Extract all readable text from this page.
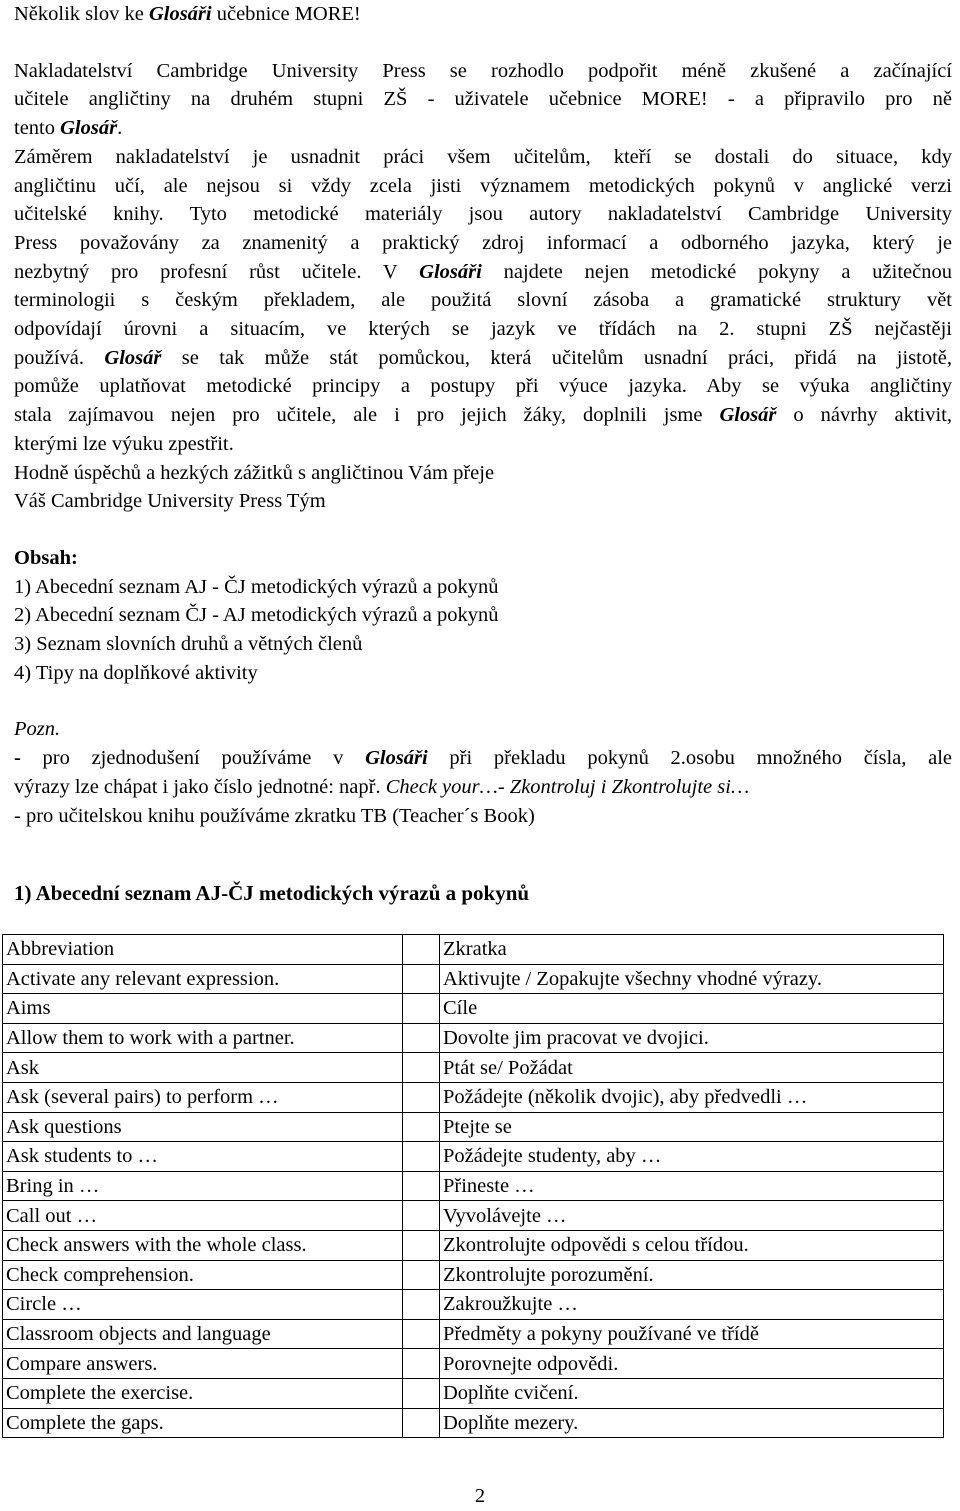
Několik slov ke Glosáři učebnice MORE!
Nakladatelství Cambridge University Press se rozhodlo podpořit méně zkušené a začínající
učitele angličtiny na druhém stupni ZŠ - uživatele učebnice MORE! - a připravilo pro ně
tento Glosář.
Záměrem nakladatelství je usnadnit práci všem učitelům, kteří se dostali do situace, kdy
angličtinu učí, ale nejsou si vždy zcela jisti významem metodických pokynů v anglické verzi
učitelské knihy. Tyto metodické materiály jsou autory nakladatelství Cambridge University
Press považovány za znamenitý a praktický zdroj informací a odborného jazyka, který je
nezbytný pro profesní růst učitele. V Glosáři najdete nejen metodické pokyny a užitečnou
terminologii s českým překladem, ale použitá slovní zásoba a gramatické struktury vět
odpovídají úrovni a situacím, ve kterých se jazyk ve třídách na 2. stupni ZŠ nejčastěji
používá. Glosář se tak může stát pomůckou, která učitelům usnadní práci, přidá na jistotě,
pomůže uplatňovat metodické principy a postupy při výuce jazyka. Aby se výuka angličtiny
stala zajímavou nejen pro učitele, ale i pro jejich žáky, doplnili jsme Glosář o návrhy aktivit,
kterými lze výuku zpestřit.
Hodně úspěchů a hezkých zážitků s angličtinou Vám přeje
Váš Cambridge University Press Tým
Obsah:
1) Abecední seznam AJ - ČJ metodických výrazů a pokynů
2) Abecední seznam ČJ - AJ metodických výrazů a pokynů
3) Seznam slovních druhů a větných členů
4) Tipy na doplňkové aktivity
Pozn.
- pro zjednodušení používáme v Glosáři při překladu pokynů 2.osobu množného čísla, ale
výrazy lze chápat i jako číslo jednotné: např. Check your…- Zkontroluj i Zkontrolujte si…
- pro učitelskou knihu používáme zkratku TB (Teacher´s Book)
1) Abecední seznam AJ-ČJ metodických výrazů a pokynů
Abbreviation		Zkratka
Activate any relevant expression.		Aktivujte / Zopakujte všechny vhodné výrazy.
Aims		Cíle
Allow them to work with a partner.		Dovolte jim pracovat ve dvojici.
Ask		Ptát se/ Požádat
Ask (several pairs) to perform …		Požádejte (několik dvojic), aby předvedli …
Ask questions		Ptejte se
Ask students to …		Požádejte studenty, aby …
Bring in …		Přineste …
Call out …		Vyvolávejte …
Check answers with the whole class.		Zkontrolujte odpovědi s celou třídou.
Check comprehension.		Zkontrolujte porozumění.
Circle …		Zakroužkujte …
Classroom objects and language		Předměty a pokyny používané ve třídě
Compare answers.		Porovnejte odpovědi.
Complete the exercise.		Doplňte cvičení.
Complete the gaps.		Doplňte mezery.
2
